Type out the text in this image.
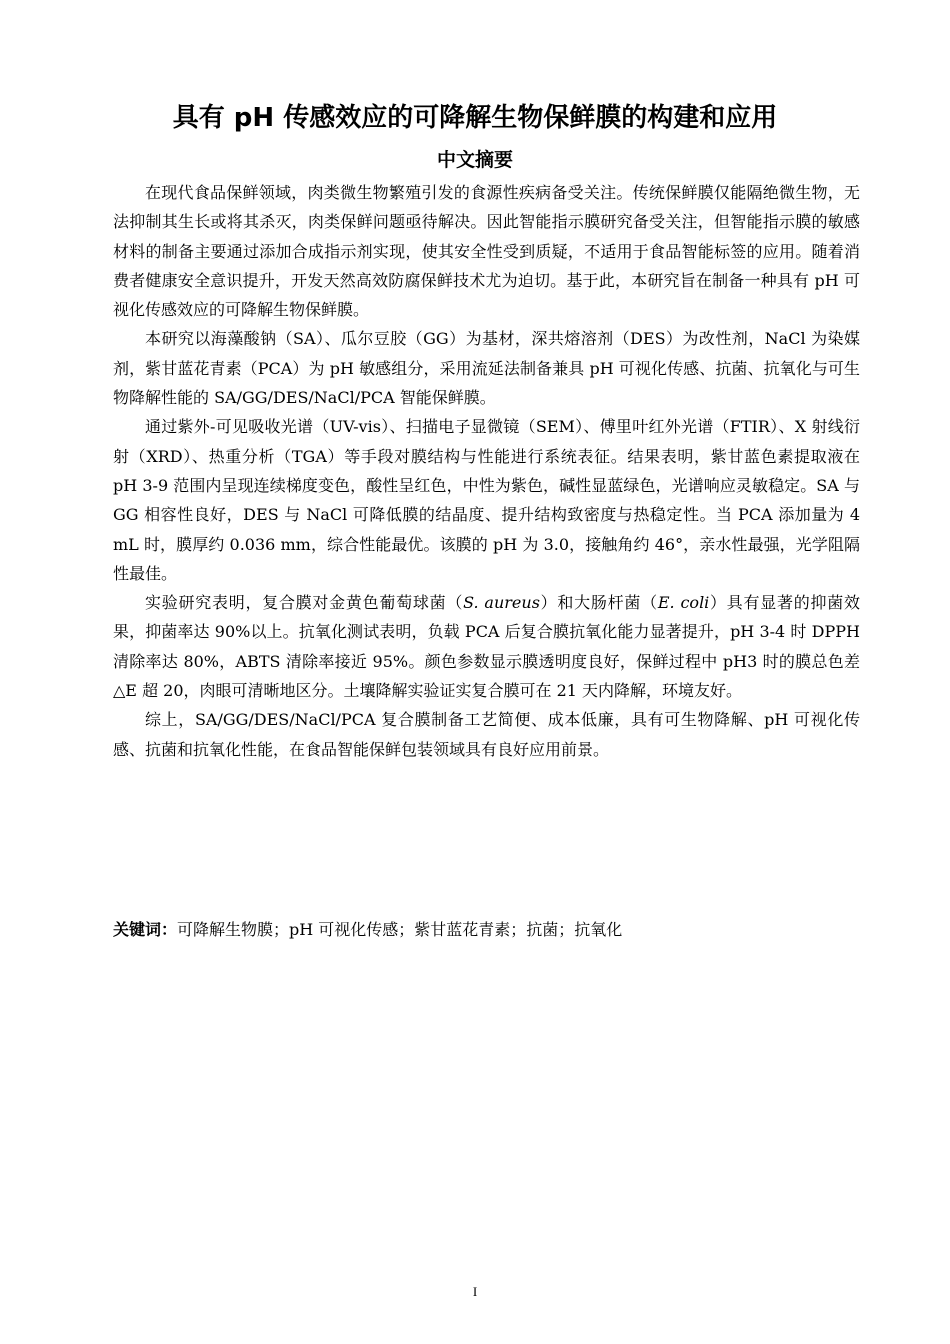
具有 pH 传感效应的可降解生物保鲜膜的构建和应用
中文摘要

在现代食品保鲜领域，肉类微生物繁殖引发的食源性疾病备受关注。传统保鲜膜仅能隔绝微生物，无法抑制其生长或将其杀灭，肉类保鲜问题亟待解决。因此智能指示膜研究备受关注，但智能指示膜的敏感材料的制备主要通过添加合成指示剂实现，使其安全性受到质疑，不适用于食品智能标签的应用。随着消费者健康安全意识提升，开发天然高效防腐保鲜技术尤为迫切。基于此，本研究旨在制备一种具有 pH 可视化传感效应的可降解生物保鲜膜。

本研究以海藻酸钠（SA）、瓜尔豆胶（GG）为基材，深共熔溶剂（DES）为改性剂，NaCl 为染媒剂，紫甘蓝花青素（PCA）为 pH 敏感组分，采用流延法制备兼具 pH 可视化传感、抗菌、抗氧化与可生物降解性能的 SA/GG/DES/NaCl/PCA 智能保鲜膜。

通过紫外-可见吸收光谱（UV-vis）、扫描电子显微镜（SEM）、傅里叶红外光谱（FTIR）、X 射线衍射（XRD）、热重分析（TGA）等手段对膜结构与性能进行系统表征。结果表明，紫甘蓝色素提取液在 pH 3-9 范围内呈现连续梯度变色，酸性呈红色，中性为紫色，碱性显蓝绿色，光谱响应灵敏稳定。SA 与 GG 相容性良好，DES 与 NaCl 可降低膜的结晶度、提升结构致密度与热稳定性。当 PCA 添加量为 4 mL 时，膜厚约 0.036 mm，综合性能最优。该膜的 pH 为 3.0，接触角约 46°，亲水性最强，光学阻隔性最佳。

实验研究表明，复合膜对金黄色葡萄球菌（S. aureus）和大肠杆菌（E. coli）具有显著的抑菌效果，抑菌率达 90%以上。抗氧化测试表明，负载 PCA 后复合膜抗氧化能力显著提升，pH 3-4 时 DPPH 清除率达 80%，ABTS 清除率接近 95%。颜色参数显示膜透明度良好，保鲜过程中 pH3 时的膜总色差△E 超 20，肉眼可清晰地区分。土壤降解实验证实复合膜可在 21 天内降解，环境友好。

综上，SA/GG/DES/NaCl/PCA 复合膜制备工艺简便、成本低廉，具有可生物降解、pH 可视化传感、抗菌和抗氧化性能，在食品智能保鲜包装领域具有良好应用前景。

关键词：可降解生物膜；pH 可视化传感；紫甘蓝花青素；抗菌；抗氧化
I
